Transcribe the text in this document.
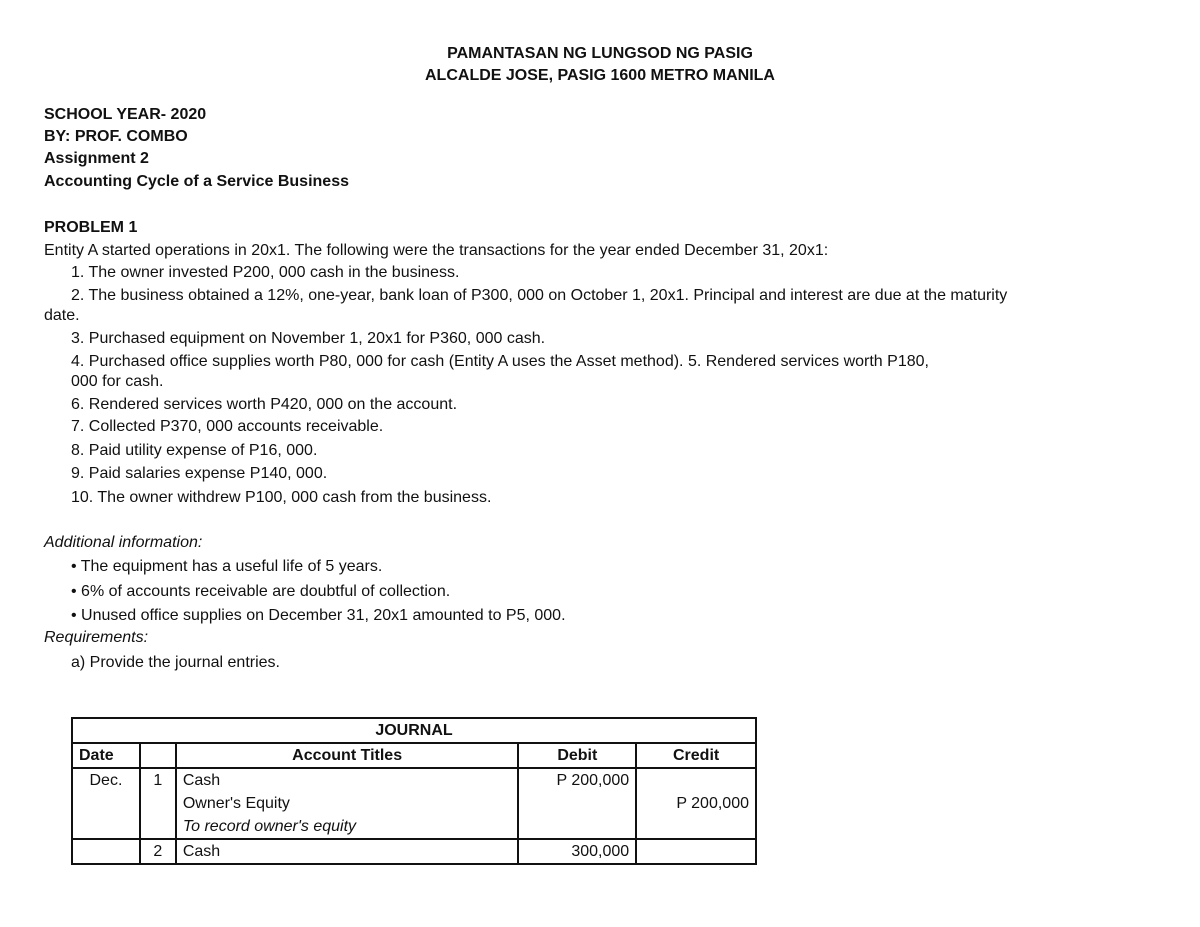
PAMANTASAN NG LUNGSOD NG PASIG
ALCALDE JOSE, PASIG 1600 METRO MANILA
SCHOOL YEAR- 2020
BY: PROF. COMBO
Assignment 2
Accounting Cycle of a Service Business
PROBLEM 1
Entity A started operations in 20x1. The following were the transactions for the year ended December 31, 20x1:
1. The owner invested P200, 000 cash in the business.
2. The business obtained a 12%, one-year, bank loan of P300, 000 on October 1, 20x1. Principal and interest are due at the maturity
date.
3. Purchased equipment on November 1, 20x1 for P360, 000 cash.
4. Purchased office supplies worth P80, 000 for cash (Entity A uses the Asset method). 5. Rendered services worth P180,
000 for cash.
6. Rendered services worth P420, 000 on the account.
7. Collected P370, 000 accounts receivable.
8. Paid utility expense of P16, 000.
9. Paid salaries expense P140, 000.
10. The owner withdrew P100, 000 cash from the business.
Additional information:
• The equipment has a useful life of 5 years.
• 6% of accounts receivable are doubtful of collection.
• Unused office supplies on December 31, 20x1 amounted to P5, 000.
Requirements:
a) Provide the journal entries.
JOURNAL				
Date		Account Titles	Debit	Credit
Dec.	1	Cash	P 200,000	
		Owner's Equity		P 200,000
		To record owner's equity		
	2	Cash	300,000	
